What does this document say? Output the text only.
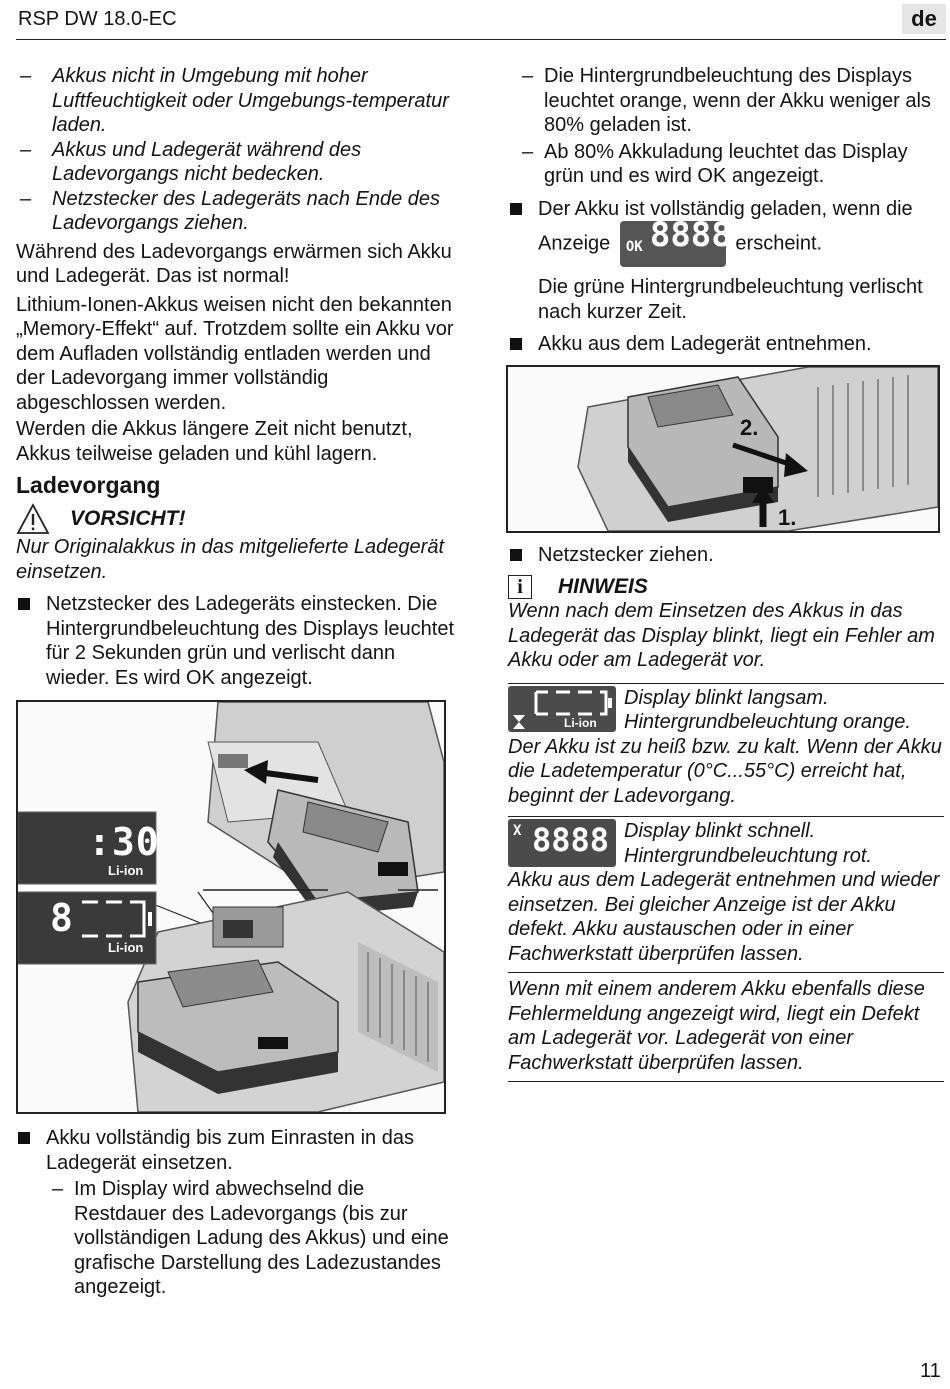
RSP DW 18.0-EC	de
– Akkus nicht in Umgebung mit hoher Luftfeuchtigkeit oder Umgebungs-temperatur laden.
– Akkus und Ladegerät während des Ladevorgangs nicht bedecken.
– Netzstecker des Ladegeräts nach Ende des Ladevorgangs ziehen.
Während des Ladevorgangs erwärmen sich Akku und Ladegerät. Das ist normal!
Lithium-Ionen-Akkus weisen nicht den bekannten „Memory-Effekt“ auf. Trotzdem sollte ein Akku vor dem Aufladen vollständig entladen werden und der Ladevorgang immer vollständig abgeschlossen werden.
Werden die Akkus längere Zeit nicht benutzt, Akkus teilweise geladen und kühl lagern.
Ladevorgang
VORSICHT!
Nur Originalakkus in das mitgelieferte Ladegerät einsetzen.
Netzstecker des Ladegeräts einstecken. Die Hintergrundbeleuchtung des Displays leuchtet für 2 Sekunden grün und verlischt dann wieder. Es wird OK angezeigt.
:30
Li-ion
8
Li-ion
Akku vollständig bis zum Einrasten in das Ladegerät einsetzen.
– Im Display wird abwechselnd die Restdauer des Ladevorgangs (bis zur vollständigen Ladung des Akkus) und eine grafische Darstellung des Ladezustandes angezeigt.
– Die Hintergrundbeleuchtung des Displays leuchtet orange, wenn der Akku weniger als 80% geladen ist.
– Ab 80% Akkuladung leuchtet das Display grün und es wird OK angezeigt.
Der Akku ist vollständig geladen, wenn die Anzeige OK 8888 erscheint.
Die grüne Hintergrundbeleuchtung verlischt nach kurzer Zeit.
Akku aus dem Ladegerät entnehmen.
2.
1.
Netzstecker ziehen.
i	HINWEIS
Wenn nach dem Einsetzen des Akkus in das Ladegerät das Display blinkt, liegt ein Fehler am Akku oder am Ladegerät vor.
Li-ion
Display blinkt langsam.
Hintergrundbeleuchtung orange.
Der Akku ist zu heiß bzw. zu kalt. Wenn der Akku die Ladetemperatur (0°C...55°C) erreicht hat, beginnt der Ladevorgang.
X 8888 Display blinkt schnell.
Hintergrundbeleuchtung rot.
Akku aus dem Ladegerät entnehmen und wieder einsetzen. Bei gleicher Anzeige ist der Akku defekt. Akku austauschen oder in einer Fachwerkstatt überprüfen lassen.
Wenn mit einem anderem Akku ebenfalls diese Fehlermeldung angezeigt wird, liegt ein Defekt am Ladegerät vor. Ladegerät von einer Fachwerkstatt überprüfen lassen.
11
